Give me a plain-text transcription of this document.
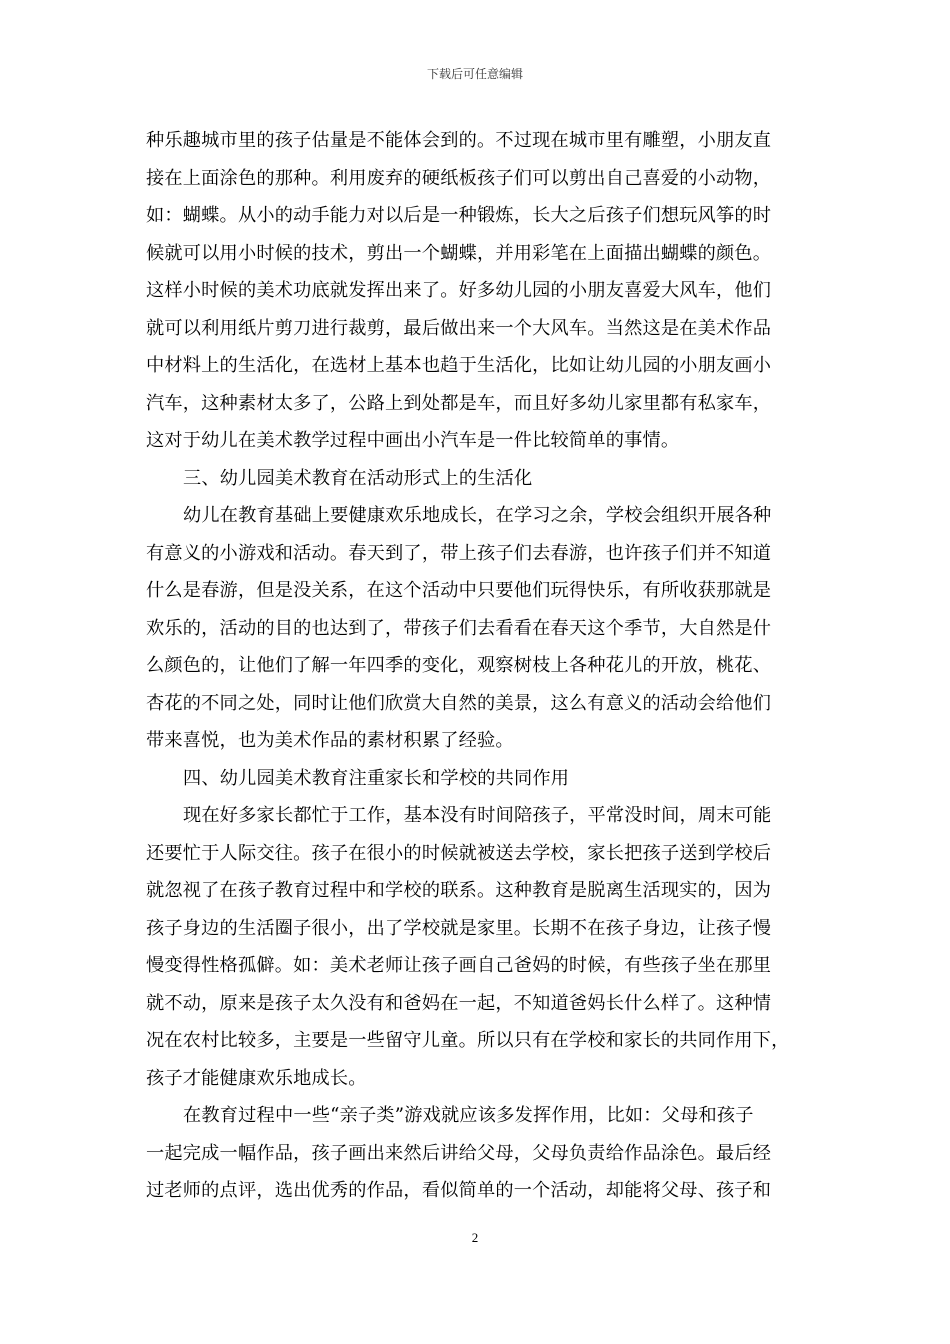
下载后可任意编辑
种乐趣城市里的孩子估量是不能体会到的。不过现在城市里有雕塑，小朋友直
接在上面涂色的那种。利用废弃的硬纸板孩子们可以剪出自己喜爱的小动物，
如：蝴蝶。从小的动手能力对以后是一种锻炼，长大之后孩子们想玩风筝的时
候就可以用小时候的技术，剪出一个蝴蝶，并用彩笔在上面描出蝴蝶的颜色。
这样小时候的美术功底就发挥出来了。好多幼儿园的小朋友喜爱大风车，他们
就可以利用纸片剪刀进行裁剪，最后做出来一个大风车。当然这是在美术作品
中材料上的生活化，在选材上基本也趋于生活化，比如让幼儿园的小朋友画小
汽车，这种素材太多了，公路上到处都是车，而且好多幼儿家里都有私家车，
这对于幼儿在美术教学过程中画出小汽车是一件比较简单的事情。
三、幼儿园美术教育在活动形式上的生活化
幼儿在教育基础上要健康欢乐地成长，在学习之余，学校会组织开展各种
有意义的小游戏和活动。春天到了，带上孩子们去春游，也许孩子们并不知道
什么是春游，但是没关系，在这个活动中只要他们玩得快乐，有所收获那就是
欢乐的，活动的目的也达到了，带孩子们去看看在春天这个季节，大自然是什
么颜色的，让他们了解一年四季的变化，观察树枝上各种花儿的开放，桃花、
杏花的不同之处，同时让他们欣赏大自然的美景，这么有意义的活动会给他们
带来喜悦，也为美术作品的素材积累了经验。
四、幼儿园美术教育注重家长和学校的共同作用
现在好多家长都忙于工作，基本没有时间陪孩子，平常没时间，周末可能
还要忙于人际交往。孩子在很小的时候就被送去学校，家长把孩子送到学校后
就忽视了在孩子教育过程中和学校的联系。这种教育是脱离生活现实的，因为
孩子身边的生活圈子很小，出了学校就是家里。长期不在孩子身边，让孩子慢
慢变得性格孤僻。如：美术老师让孩子画自己爸妈的时候，有些孩子坐在那里
就不动，原来是孩子太久没有和爸妈在一起，不知道爸妈长什么样了。这种情
况在农村比较多，主要是一些留守儿童。所以只有在学校和家长的共同作用下，
孩子才能健康欢乐地成长。
在教育过程中一些“亲子类”游戏就应该多发挥作用，比如：父母和孩子
一起完成一幅作品，孩子画出来然后讲给父母，父母负责给作品涂色。最后经
过老师的点评，选出优秀的作品，看似简单的一个活动，却能将父母、孩子和
2
